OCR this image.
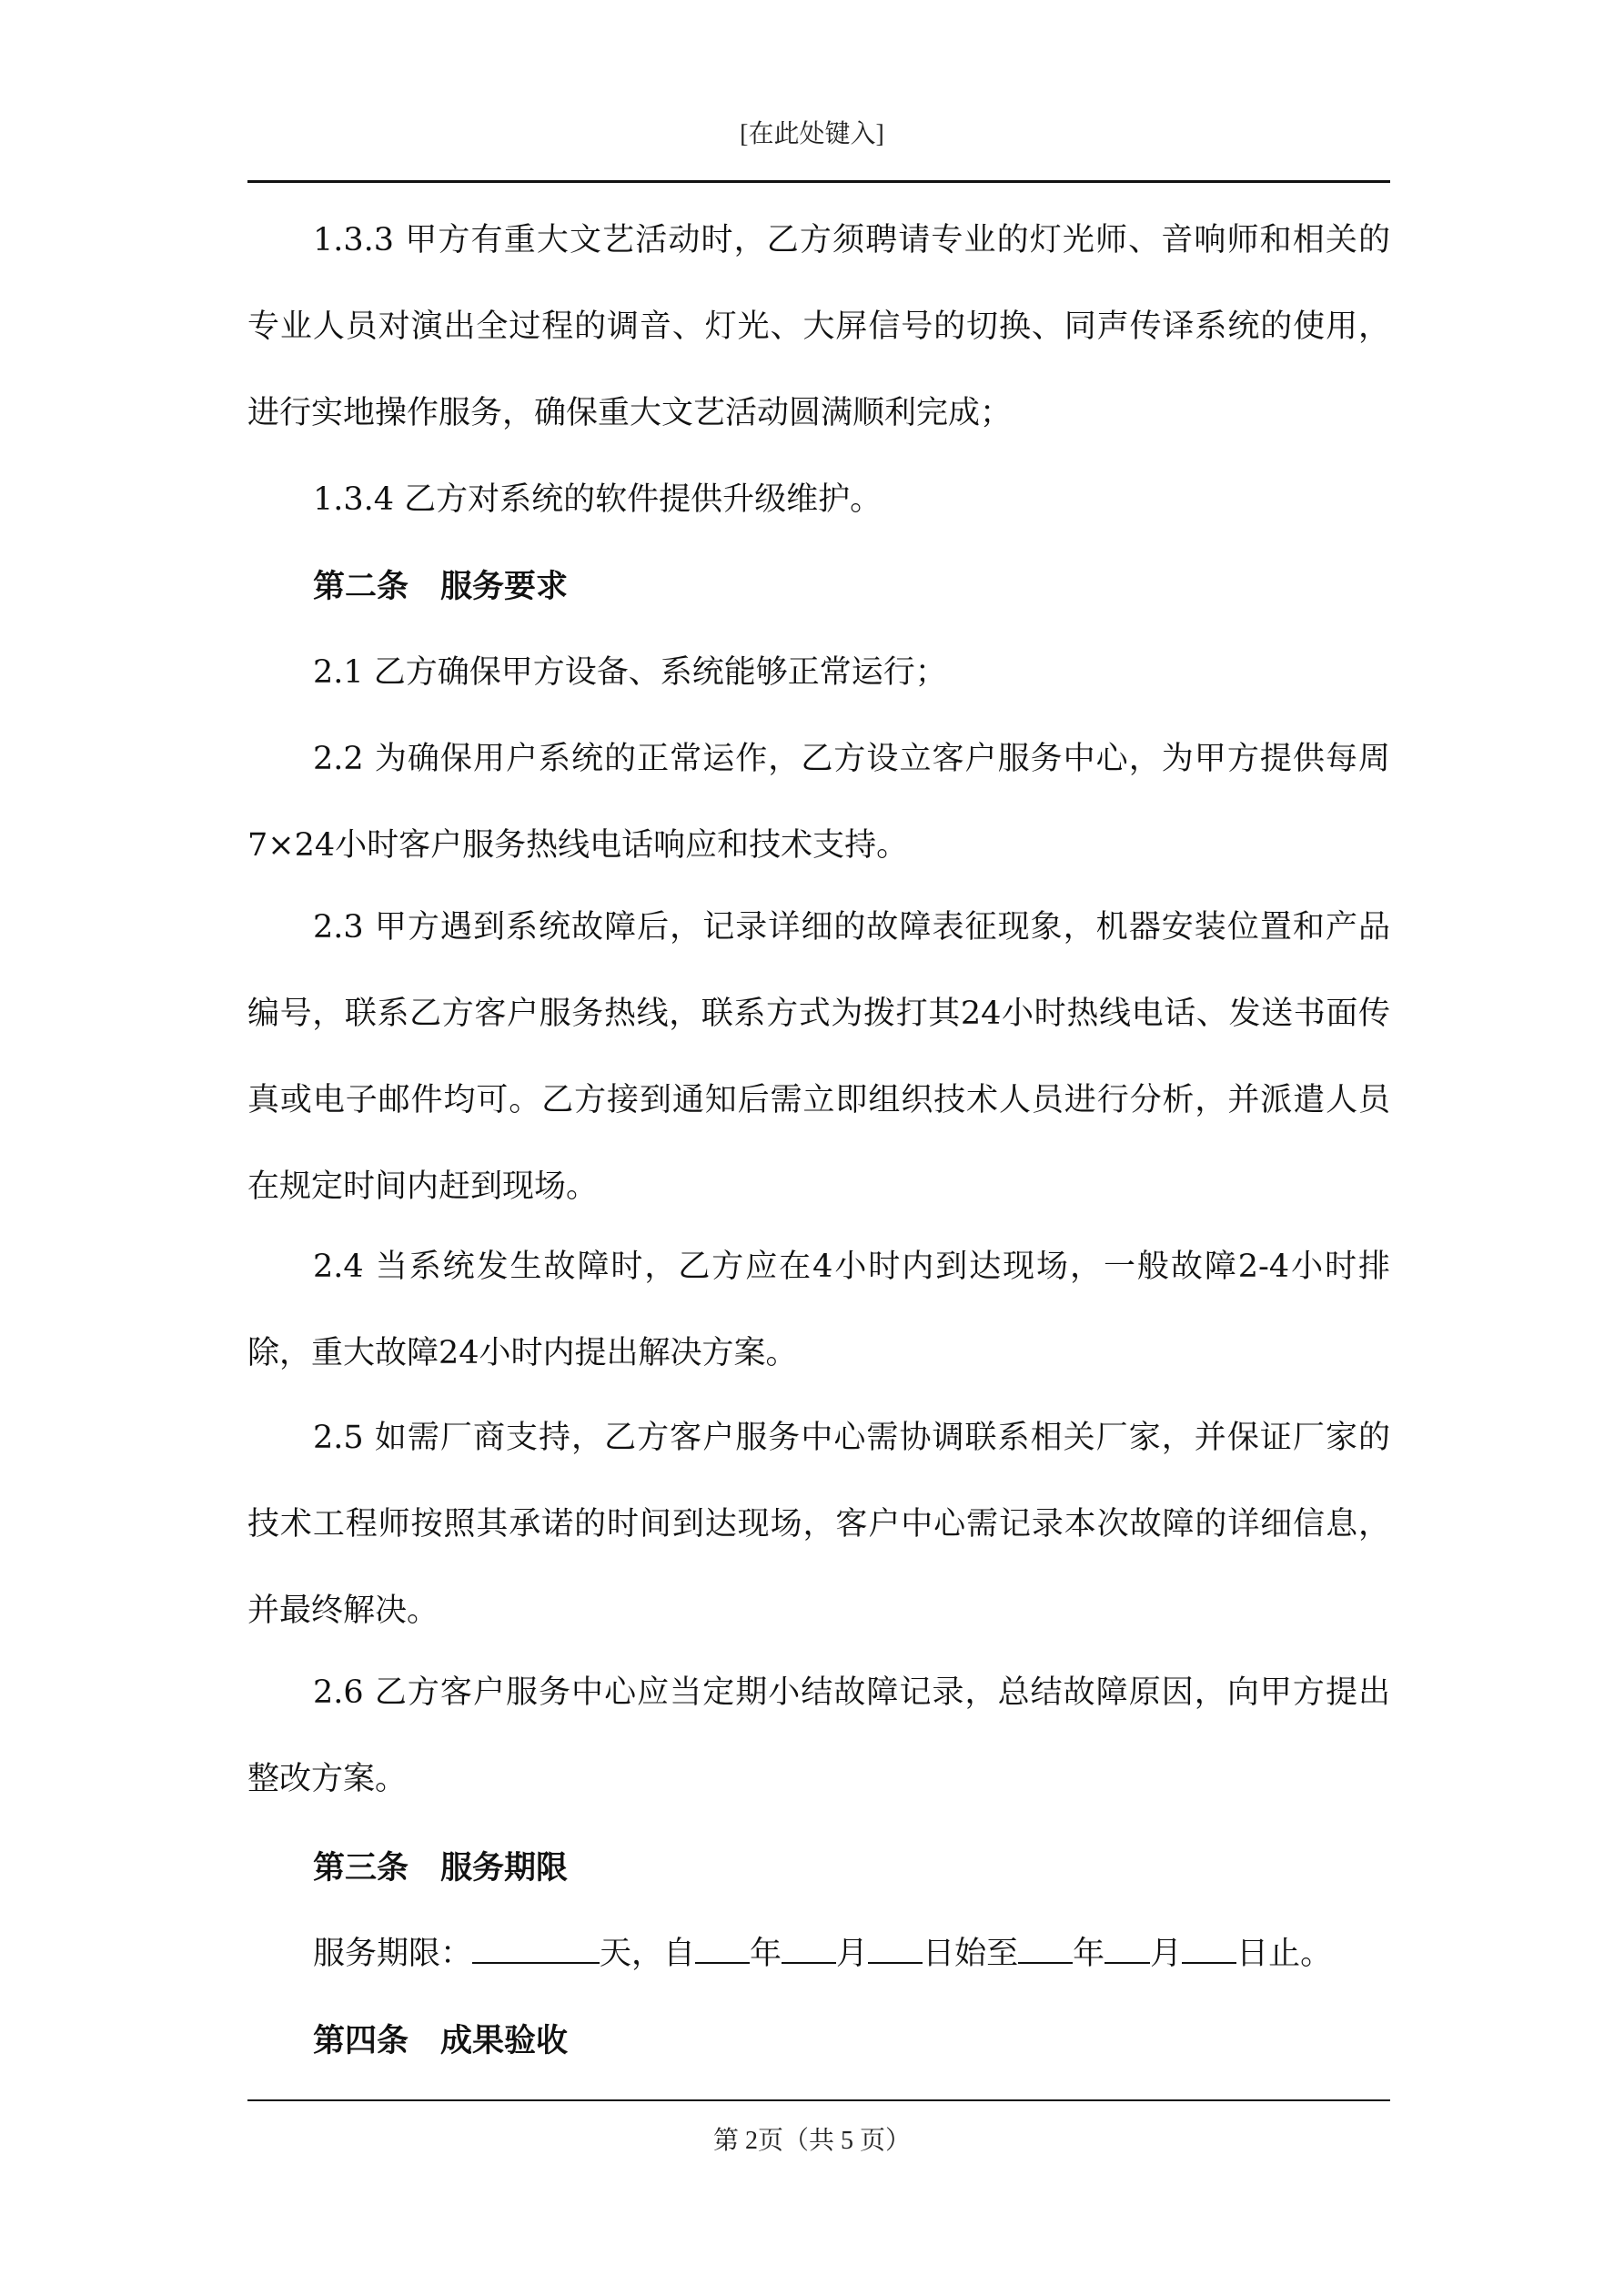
[在此处键入]

1.3.3 甲方有重大文艺活动时，乙方须聘请专业的灯光师、音响师和相关的专业人员对演出全过程的调音、灯光、大屏信号的切换、同声传译系统的使用，进行实地操作服务，确保重大文艺活动圆满顺利完成；

1.3.4 乙方对系统的软件提供升级维护。

第二条　服务要求

2.1 乙方确保甲方设备、系统能够正常运行；

2.2 为确保用户系统的正常运作，乙方设立客户服务中心，为甲方提供每周7×24小时客户服务热线电话响应和技术支持。

2.3 甲方遇到系统故障后，记录详细的故障表征现象，机器安装位置和产品编号，联系乙方客户服务热线，联系方式为拨打其24小时热线电话、发送书面传真或电子邮件均可。乙方接到通知后需立即组织技术人员进行分析，并派遣人员在规定时间内赶到现场。

2.4 当系统发生故障时，乙方应在4小时内到达现场，一般故障2-4小时排除，重大故障24小时内提出解决方案。

2.5 如需厂商支持，乙方客户服务中心需协调联系相关厂家，并保证厂家的技术工程师按照其承诺的时间到达现场，客户中心需记录本次故障的详细信息，并最终解决。

2.6 乙方客户服务中心应当定期小结故障记录，总结故障原因，向甲方提出整改方案。

第三条　服务期限

服务期限：	天，自 年 月 日始至 年 月 日止。

第四条　成果验收

第 2页（共 5 页）
